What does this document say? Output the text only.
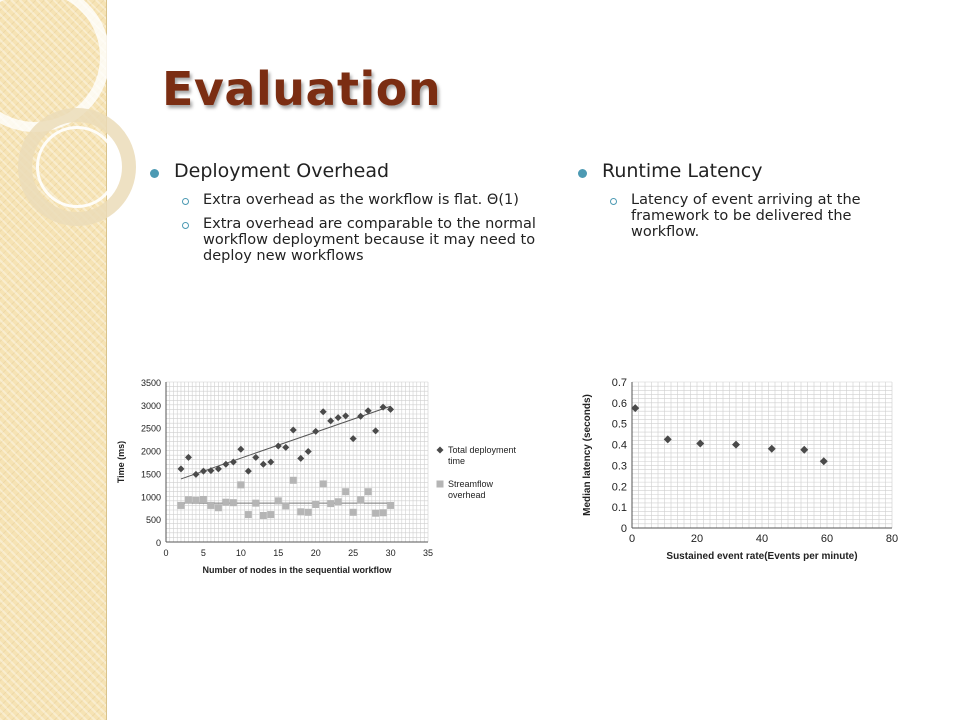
Evaluation
Deployment Overhead
Extra overhead as the workflow is flat. Θ(1)
Extra overhead are comparable to the normal workflow deployment because it may need to deploy new workflows
Runtime Latency
Latency of event arriving at the framework to be delivered the workflow.
0	5	10	15	20	25	30	35
0
500
1000
1500
2000
2500
3000
3500
Number of nodes in the sequential workflow
Time (ms)	Total deployment time
Streamflow overhead
0	20	40	60	80
0
0.1
0.2
0.3
0.4
0.5
0.6
0.7
Sustained event rate(Events per minute)
Median latency (seconds)
